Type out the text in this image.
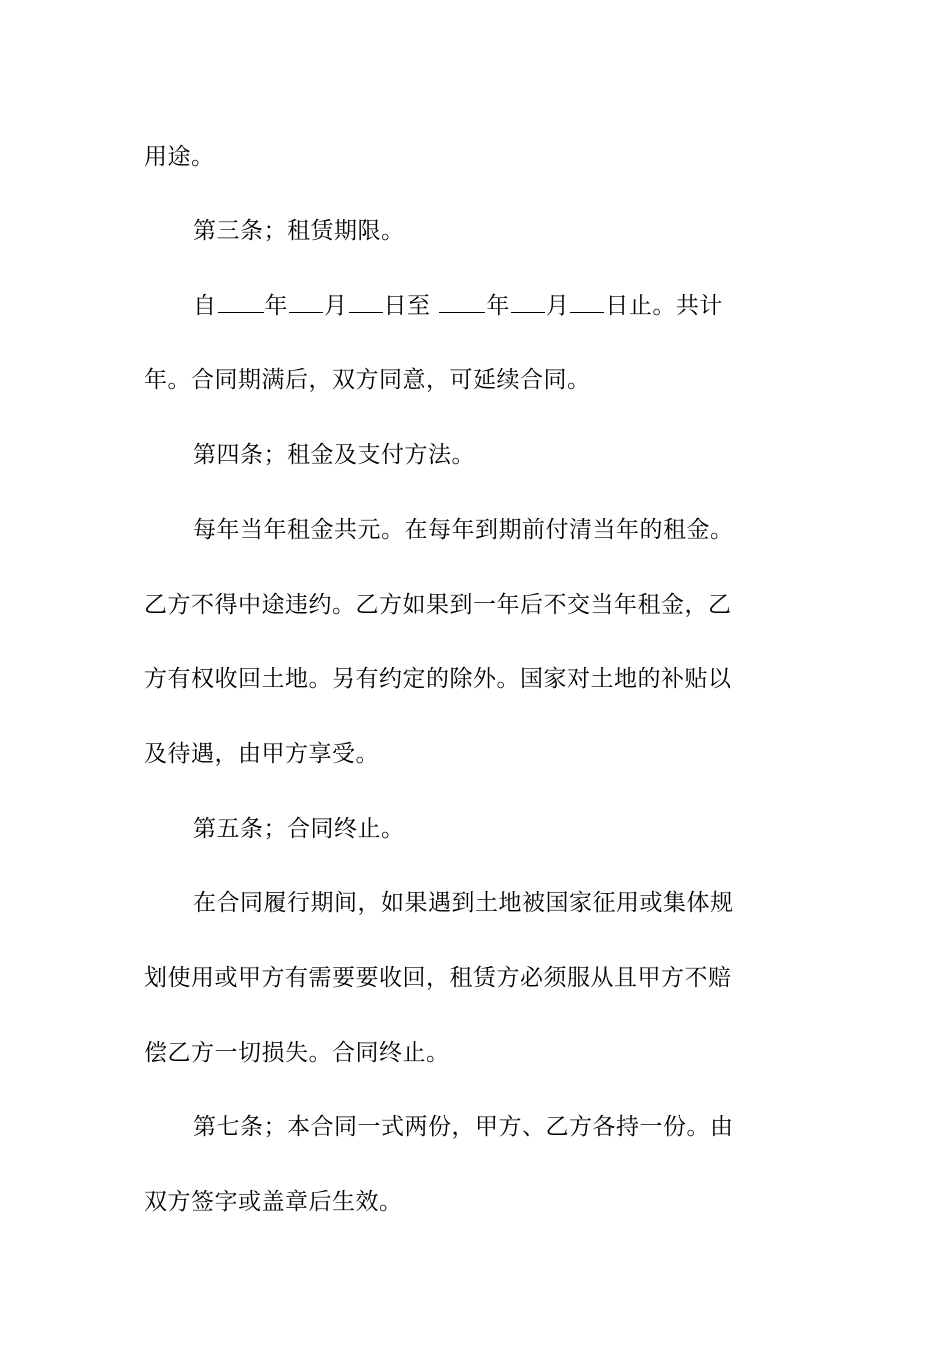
用途。
第三条；租赁期限。
自 年 月 日至 年 月 日止。共计
年。合同期满后，双方同意，可延续合同。
第四条；租金及支付方法。
每年当年租金共元。在每年到期前付清当年的租金。
乙方不得中途违约。乙方如果到一年后不交当年租金，乙
方有权收回土地。另有约定的除外。国家对土地的补贴以
及待遇，由甲方享受。
第五条；合同终止。
在合同履行期间，如果遇到土地被国家征用或集体规
划使用或甲方有需要要收回，租赁方必须服从且甲方不赔
偿乙方一切损失。合同终止。
第七条；本合同一式两份，甲方、乙方各持一份。由
双方签字或盖章后生效。
